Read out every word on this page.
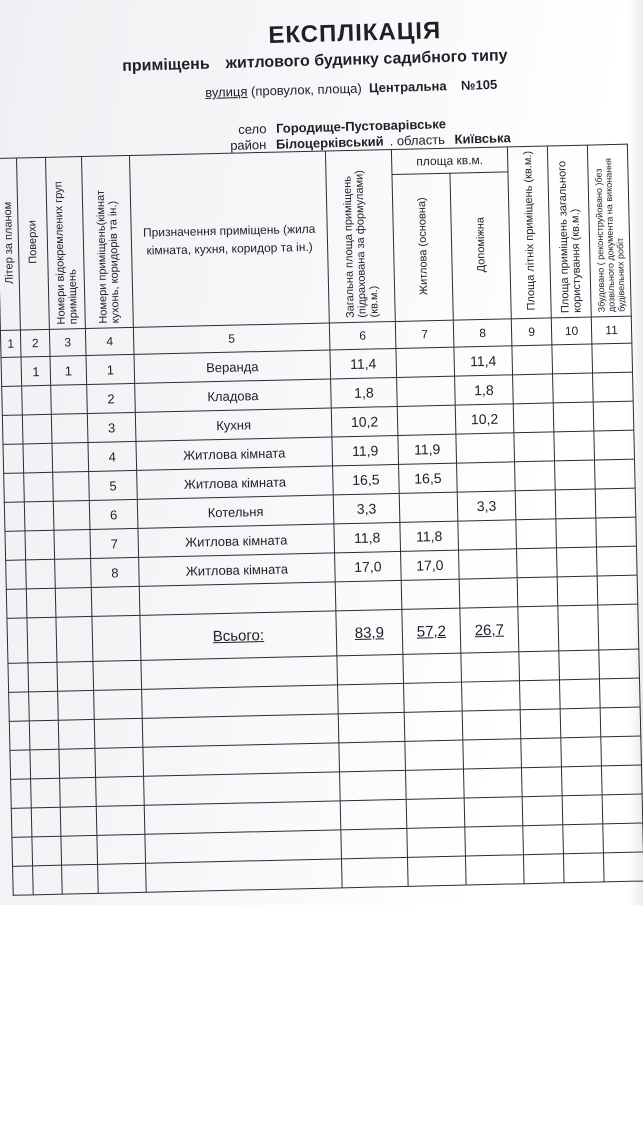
ЕКСПЛІКАЦІЯ
приміщень житлового будинку садибного типу
вулиця (провулок, площа) Центральна №105
село Городище-Пустоварівське
район Білоцерківський . область Київська
Літер за планом	Поверхи	Номери відокремлених груп приміщень	Номери приміщень(кімнат кухонь, коридорів та ін.)	Призначення приміщень (жила кімната, кухня, коридор та ін.)	Загальна площа приміщень (підрахована за формулами) (кв.м.)	площа кв.м.		Площа літніх приміщень (кв.м.)	Площа приміщень загального користування (кв.м.)	Збудовано ( реконструйовано )без дозвільного документа на виконання будівельних робіт
						Житлова (основна)	Допоміжна			
1	2	3	4	5	6	7	8	9	10	11
	1	1	1	Веранда	11,4		11,4			
			2	Кладова	1,8		1,8			
			3	Кухня	10,2		10,2			
			4	Житлова кімната	11,9	11,9				
			5	Житлова кімната	16,5	16,5				
			6	Котельня	3,3		3,3			
			7	Житлова кімната	11,8	11,8				
			8	Житлова кімната	17,0	17,0				

				Всього:	83,9	57,2	26,7			
